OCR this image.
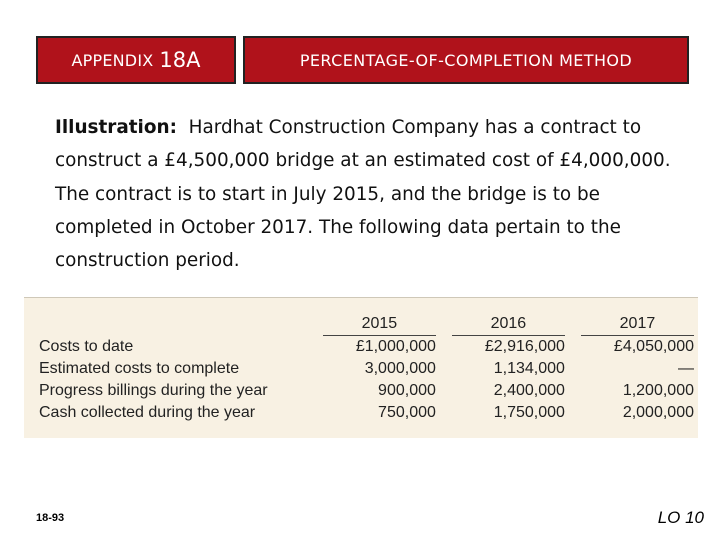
APPENDIX 18A	PERCENTAGE-OF-COMPLETION METHOD
Illustration: Hardhat Construction Company has a contract to construct a £4,500,000 bridge at an estimated cost of £4,000,000. The contract is to start in July 2015, and the bridge is to be completed in October 2017. The following data pertain to the construction period.

	2015	2016	2017

Costs to date	£1,000,000	£2,916,000	£4,050,000
Estimated costs to complete	3,000,000	1,134,000	—
Progress billings during the year	900,000	2,400,000	1,200,000
Cash collected during the year	750,000	1,750,000	2,000,000
18-93	LO 10
